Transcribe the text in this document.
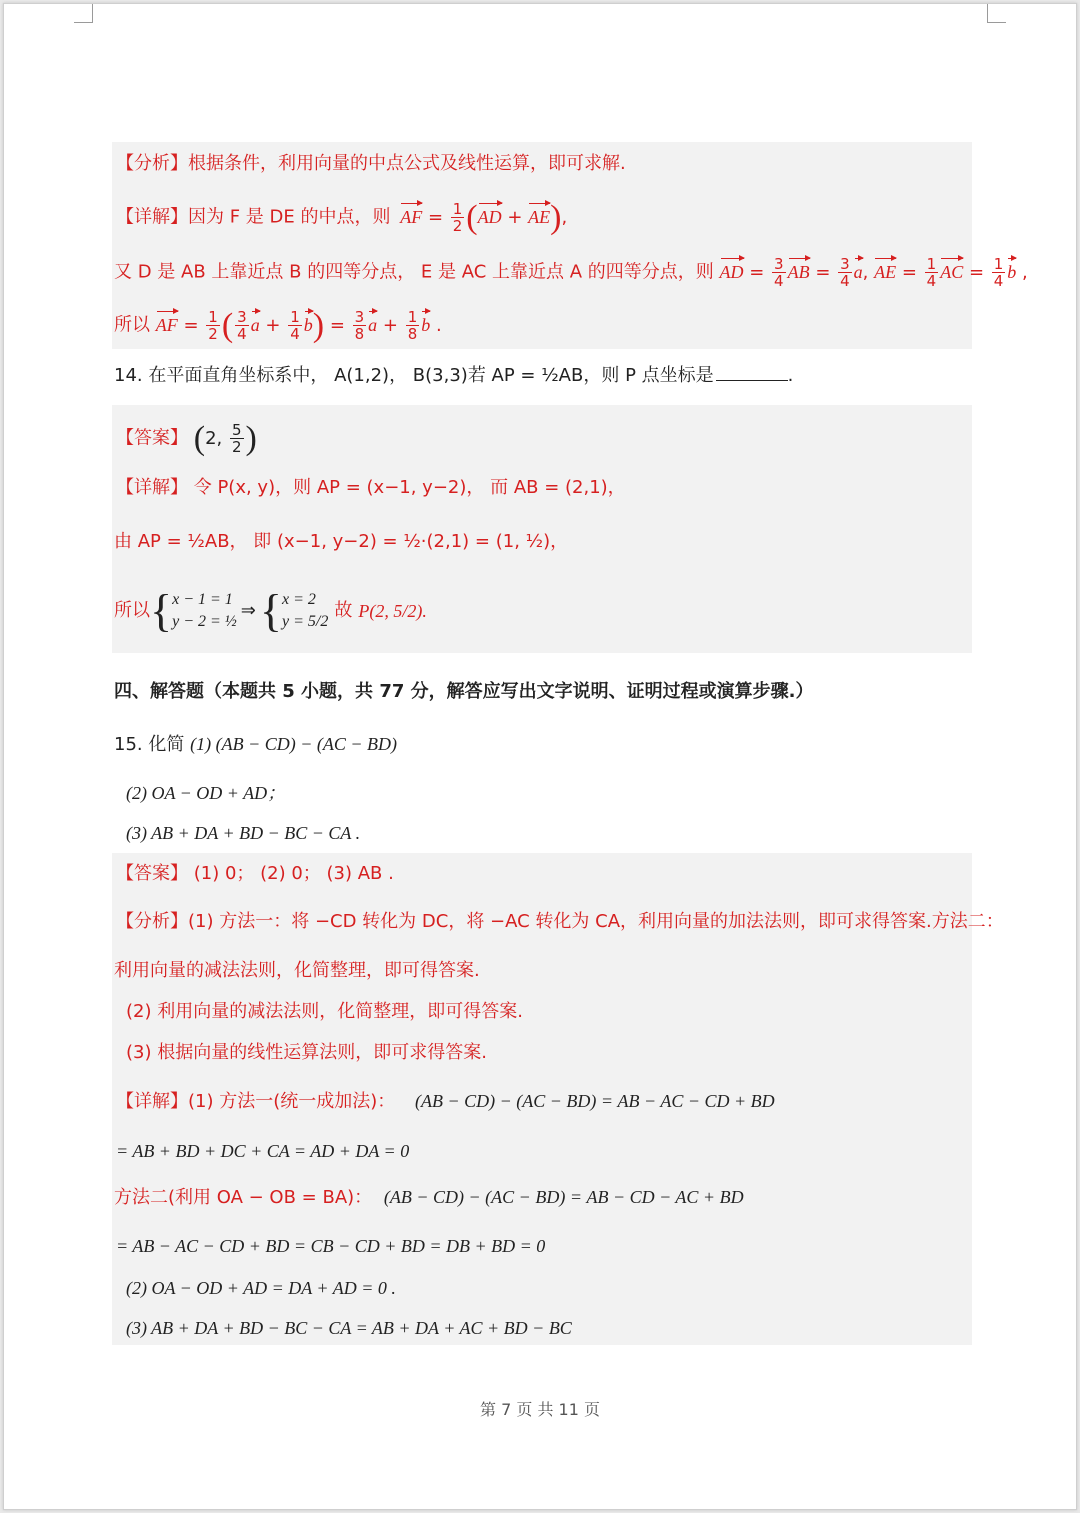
【分析】根据条件，利用向量的中点公式及线性运算，即可求解.
【详解】因为 F 是 DE 的中点，则 AF = $\frac{1}{2} (AD + AE)$,
又 D 是 AB 上靠近点 B 的四等分点， E 是 AC 上靠近点 A 的四等分点，则 AD = $\frac{3}{4}$ AB = $\frac{3}{4} a$, AE = $\frac{1}{4}$ AC = $\frac{1}{4}$ b ,
所以 AF = $\frac{1}{2}$ ( $\frac{3}{4}$ $a + \frac{1}{4} b) = \frac{3}{8}$ $a + \frac{1}{8}$ b .
14. 在平面直角坐标系中， A(1,2)， B(3,3)若 AP = ½AB，则 P 点坐标是	.
【答案】 (2, $\frac{5}{2}$ )
【详解】 令 P(x, y)，则 AP = (x−1, y−2)， 而 AB = (2,1)，
由 AP = ½AB， 即 (x−1, y−2) = ½·(2,1) = (1, ½)，
所以 { x − 1 = 1
y − 2 = ½
⇒ { x = 2
y = 5/2
故 P(2, 5/2).
四、解答题（本题共 5 小题，共 77 分，解答应写出文字说明、证明过程或演算步骤.）
15. 化简 (1) (AB − CD) − (AC − BD)
(2) OA − OD + AD；
(3) AB + DA + BD − BC − CA .
【答案】 (1) 0； (2) 0； (3) AB .
【分析】(1) 方法一：将 −CD 转化为 DC，将 −AC 转化为 CA，利用向量的加法法则，即可求得答案.方法二：
利用向量的减法法则，化简整理，即可得答案.
(2) 利用向量的减法法则，化简整理，即可得答案.
(3) 根据向量的线性运算法则，即可求得答案.
【详解】(1) 方法一(统一成加法)： (AB − CD) − (AC − BD) = AB − AC − CD + BD
= AB + BD + DC + CA = AD + DA = 0
方法二(利用 OA − OB = BA)： (AB − CD) − (AC − BD) = AB − CD − AC + BD
= AB − AC − CD + BD = CB − CD + BD = DB + BD = 0
(2) OA − OD + AD = DA + AD = 0 .
(3) AB + DA + BD − BC − CA = AB + DA + AC + BD − BC
第 7 页 共 11 页
